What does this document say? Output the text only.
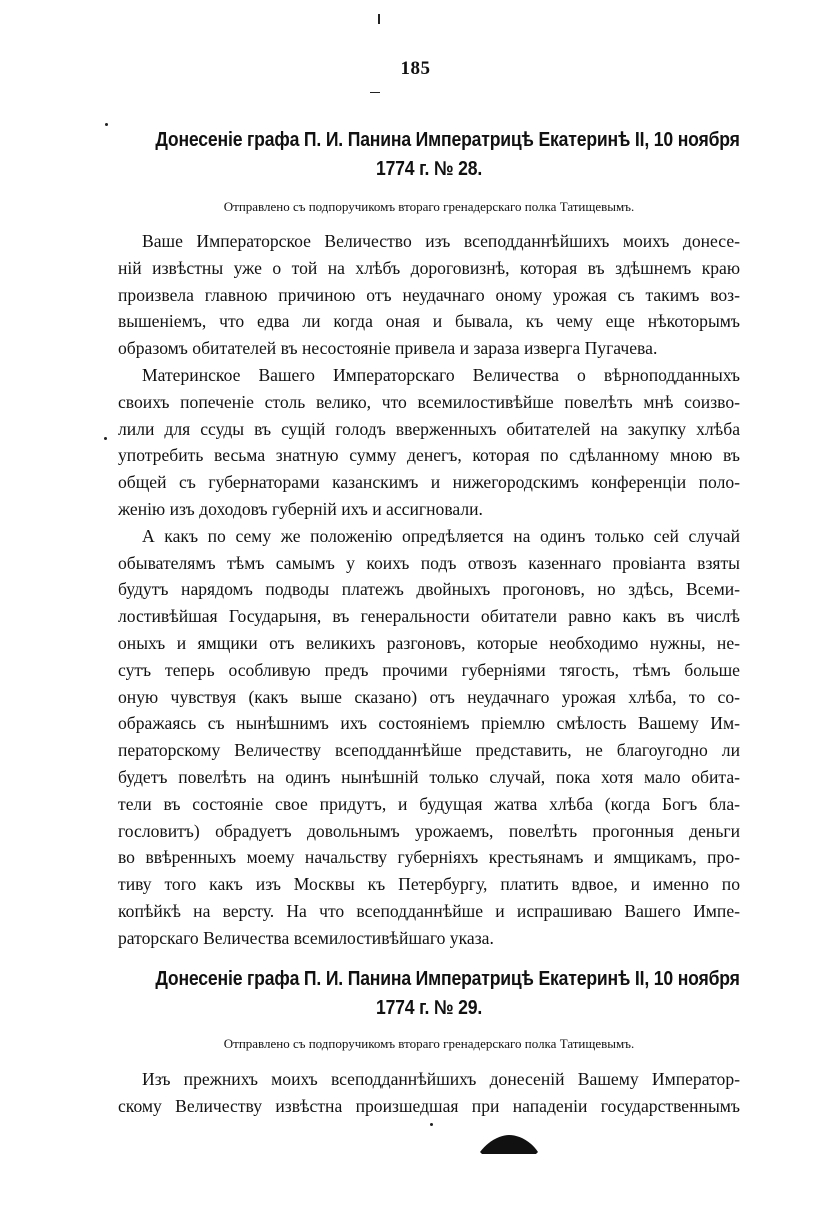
185
Донесеніе графа П. И. Панина Императрицѣ Екатеринѣ II, 10 ноября
1774 г. № 28.

Отправлено съ подпоручикомъ втораго гренадерскаго полка Татищевымъ.

Ваше Императорское Величество изъ всеподданнѣйшихъ моихъ донесе-
ній извѣстны уже о той на хлѣбъ дороговизнѣ, которая въ здѣшнемъ краю
произвела главною причиною отъ неудачнаго оному урожая съ такимъ воз-
вышеніемъ, что едва ли когда оная и бывала, къ чему еще нѣкоторымъ
образомъ обитателей въ несостояніе привела и зараза изверга Пугачева.
Материнское Вашего Императорскаго Величества о вѣрноподданныхъ
своихъ попеченіе столь велико, что всемилостивѣйше повелѣть мнѣ соизво-
лили для ссуды въ сущій голодъ вверженныхъ обитателей на закупку хлѣба
употребить весьма знатную сумму денегъ, которая по сдѣланному мною въ
общей съ губернаторами казанскимъ и нижегородскимъ конференціи поло-
женію изъ доходовъ губерній ихъ и ассигновали.
А какъ по сему же положенію опредѣляется на одинъ только сей случай
обывателямъ тѣмъ самымъ у коихъ подъ отвозъ казеннаго провіанта взяты
будутъ нарядомъ подводы платежъ двойныхъ прогоновъ, но здѣсь, Всеми-
лостивѣйшая Государыня, въ генеральности обитатели равно какъ въ числѣ
оныхъ и ямщики отъ великихъ разгоновъ, которые необходимо нужны, не-
сутъ теперь особливую предъ прочими губерніями тягость, тѣмъ больше
оную чувствуя (какъ выше сказано) отъ неудачнаго урожая хлѣба, то со-
ображаясь съ нынѣшнимъ ихъ состояніемъ пріемлю смѣлость Вашему Им-
ператорскому Величеству всеподданнѣйше представить, не благоугодно ли
будетъ повелѣть на одинъ нынѣшній только случай, пока хотя мало обита-
тели въ состояніе свое придутъ, и будущая жатва хлѣба (когда Богъ бла-
гословитъ) обрадуетъ довольнымъ урожаемъ, повелѣть прогонныя деньги
во ввѣренныхъ моему начальству губерніяхъ крестьянамъ и ямщикамъ, про-
тиву того какъ изъ Москвы къ Петербургу, платить вдвое, и именно по
копѣйкѣ на версту. На что всеподданнѣйше и испрашиваю Вашего Импе-
раторскаго Величества всемилостивѣйшаго указа.
Донесеніе графа П. И. Панина Императрицѣ Екатеринѣ II, 10 ноября
1774 г. № 29.

Отправлено съ подпоручикомъ втораго гренадерскаго полка Татищевымъ.

Изъ прежнихъ моихъ всеподданнѣйшихъ донесеній Вашему Император-
скому Величеству извѣстна произшедшая при нападеніи государственнымъ
